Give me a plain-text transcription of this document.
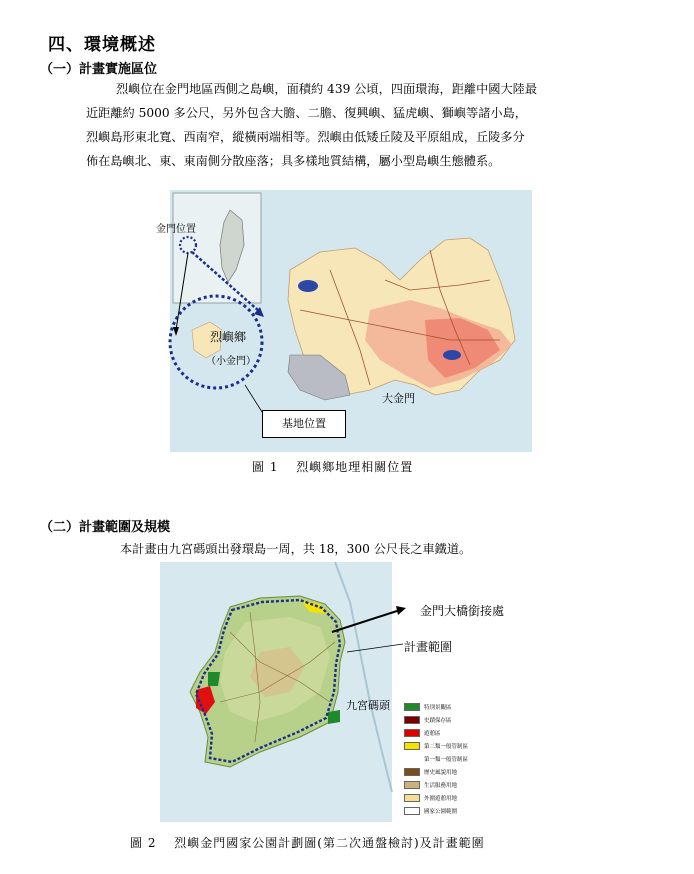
四、環境概述
（一）計畫實施區位
烈嶼位在金門地區西側之島嶼，面積約 439 公頃，四面環海，距離中國大陸最
近距離約 5000 多公尺，另外包含大膽、二膽、復興嶼、猛虎嶼、獅嶼等諸小島，
烈嶼島形東北寬、西南窄，縱橫兩端相等。烈嶼由低矮丘陵及平原組成，丘陵多分
佈在島嶼北、東、東南側分散座落；具多樣地質結構，屬小型島嶼生態體系。
金門位置
烈嶼鄉
（小金門）
大金門
基地位置
圖 1　 烈嶼鄉地理相關位置
（二）計畫範圍及規模
本計畫由九宮碼頭出發環島一周，共 18，300 公尺長之車鐵道。
金門大橋銜接處
計畫範圍
九宮碼頭	特別景觀區
史蹟保存區
遊憩區
第二類一般管制區
第一類一般管制區
歷史風貌用地
生活服務用地
外圍遊憩用地
國家公園範圍
圖 2　 烈嶼金門國家公園計劃圖(第二次通盤檢討)及計畫範圍
